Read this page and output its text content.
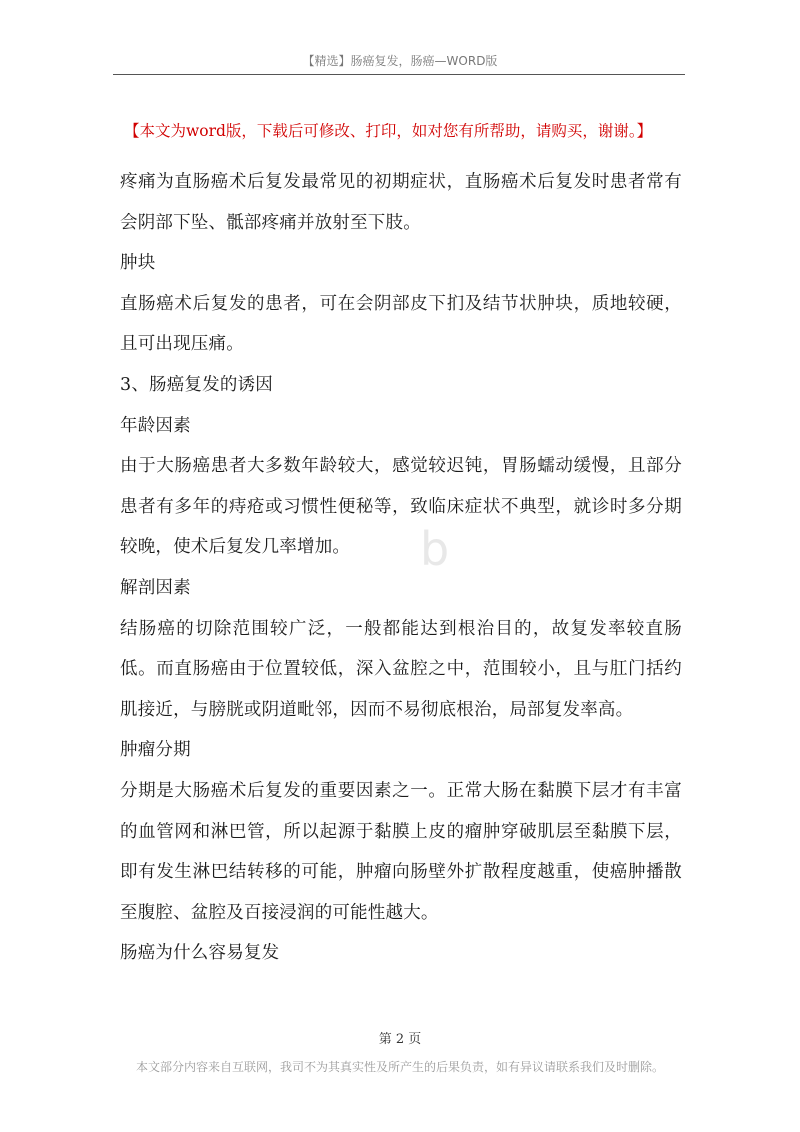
【精选】肠癌复发，肠癌—WORD版
【本文为word版，下载后可修改、打印，如对您有所帮助，请购买，谢谢。】

疼痛为直肠癌术后复发最常见的初期症状，直肠癌术后复发时患者常有会阴部下坠、骶部疼痛并放射至下肢。

肿块

直肠癌术后复发的患者，可在会阴部皮下扪及结节状肿块，质地较硬，且可出现压痛。

3、肠癌复发的诱因

年龄因素

由于大肠癌患者大多数年龄较大，感觉较迟钝，胃肠蠕动缓慢，且部分患者有多年的痔疮或习惯性便秘等，致临床症状不典型，就诊时多分期较晚，使术后复发几率增加。

解剖因素

结肠癌的切除范围较广泛，一般都能达到根治目的，故复发率较直肠低。而直肠癌由于位置较低，深入盆腔之中，范围较小，且与肛门括约肌接近，与膀胱或阴道毗邻，因而不易彻底根治，局部复发率高。

肿瘤分期

分期是大肠癌术后复发的重要因素之一。正常大肠在黏膜下层才有丰富的血管网和淋巴管，所以起源于黏膜上皮的瘤肿穿破肌层至黏膜下层，即有发生淋巴结转移的可能，肿瘤向肠壁外扩散程度越重，使癌肿播散至腹腔、盆腔及百接浸润的可能性越大。

肠癌为什么容易复发

b
第 2 页
本文部分内容来自互联网，我司不为其真实性及所产生的后果负责，如有异议请联系我们及时删除。
